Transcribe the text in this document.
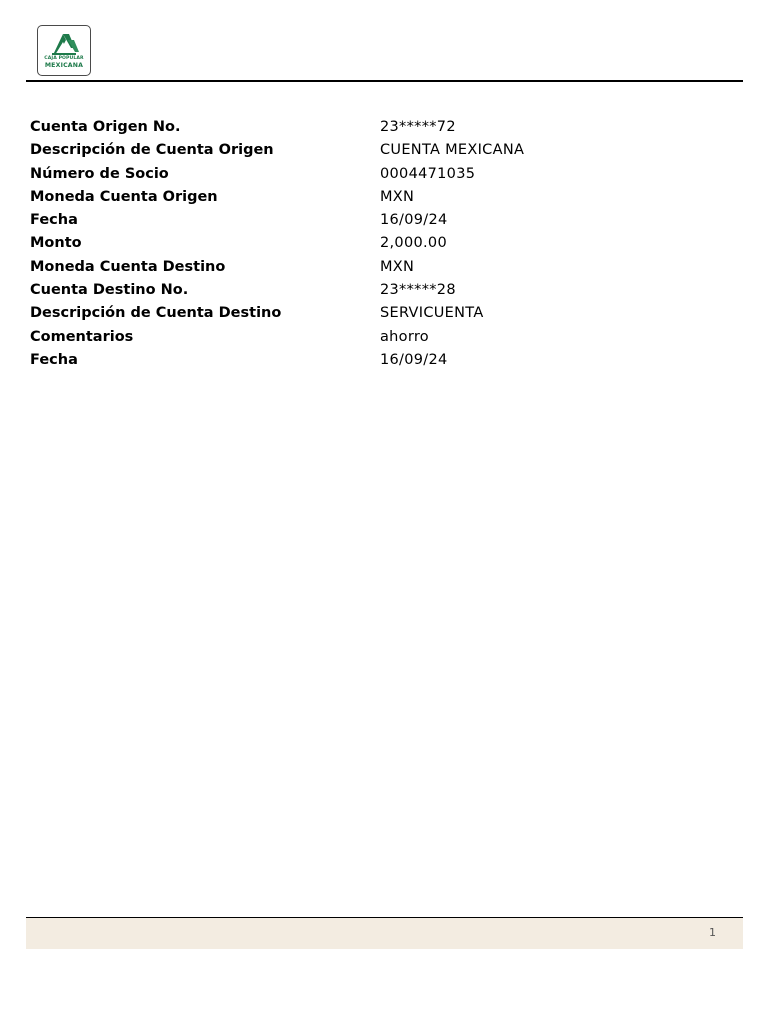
CAJA POPULAR
MEXICANA
Cuenta Origen No.	23*****72
Descripción de Cuenta Origen	CUENTA MEXICANA
Número de Socio	0004471035
Moneda Cuenta Origen	MXN
Fecha	16/09/24
Monto	2,000.00
Moneda Cuenta Destino	MXN
Cuenta Destino No.	23*****28
Descripción de Cuenta Destino	SERVICUENTA
Comentarios	ahorro
Fecha	16/09/24
1
